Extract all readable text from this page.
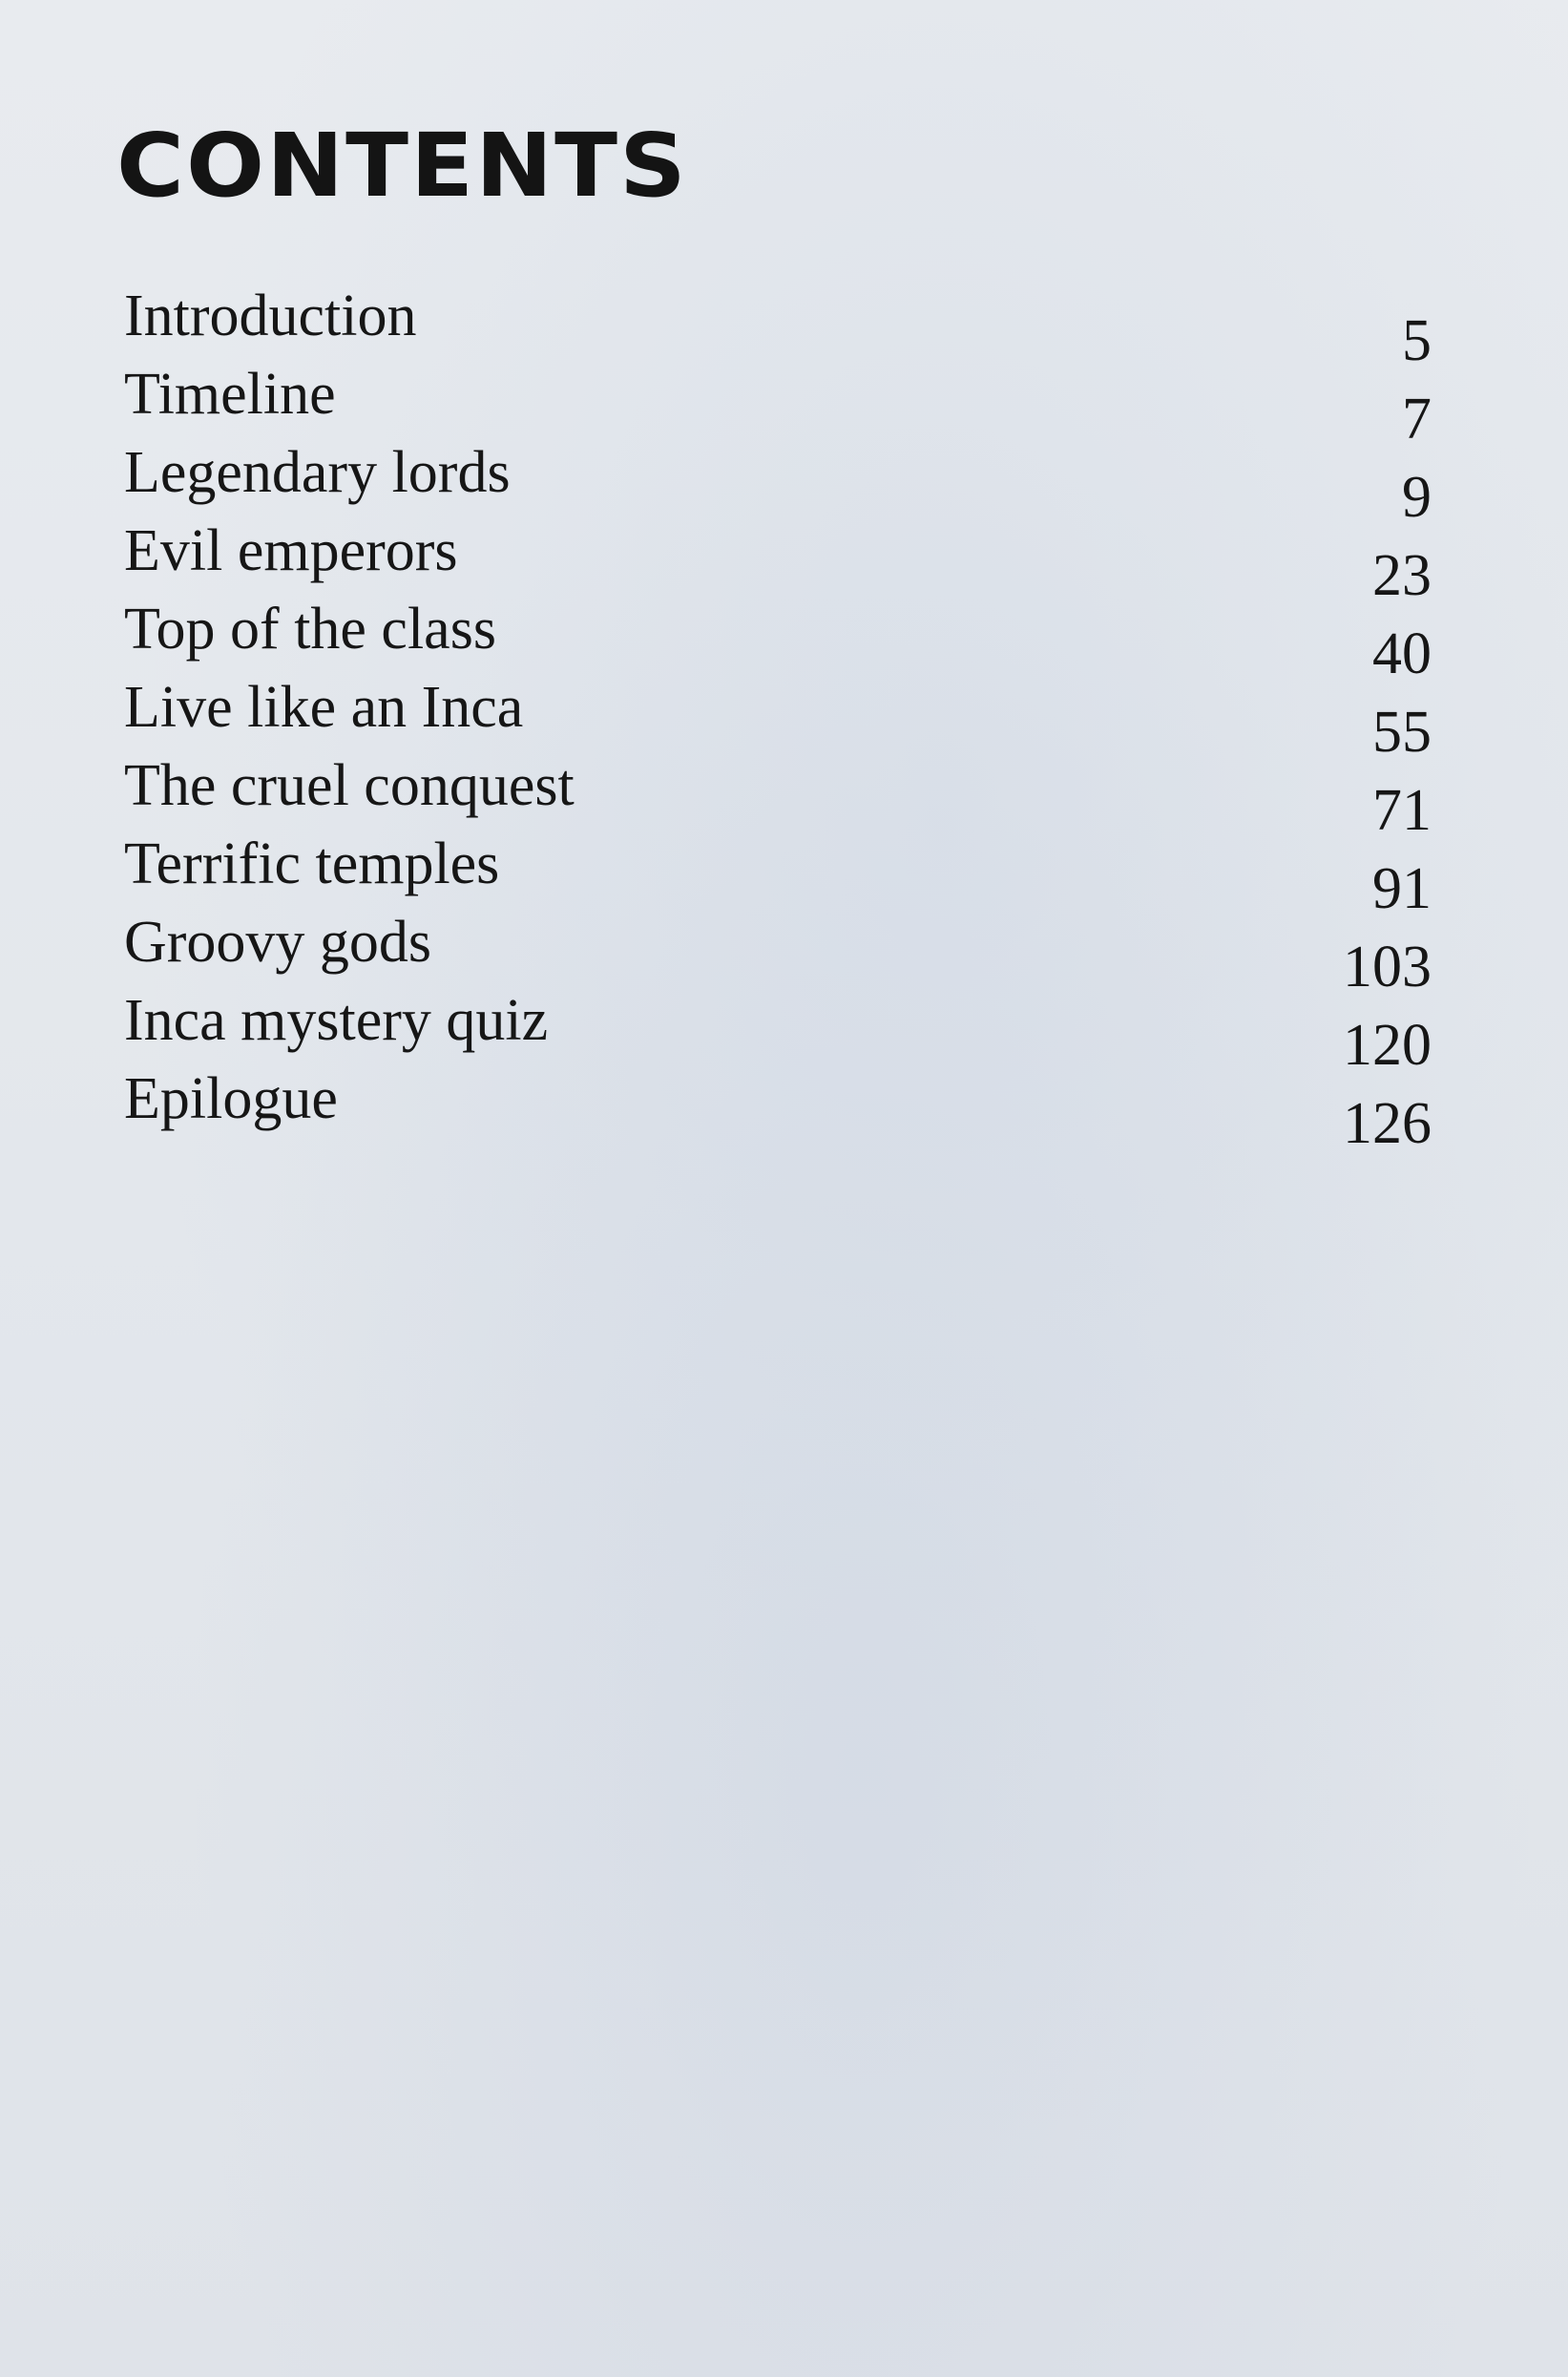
CONTENTS
Introduction	5
Timeline	7
Legendary lords	9
Evil emperors	23
Top of the class	40
Live like an Inca	55
The cruel conquest	71
Terrific temples	91
Groovy gods	103
Inca mystery quiz	120
Epilogue	126
